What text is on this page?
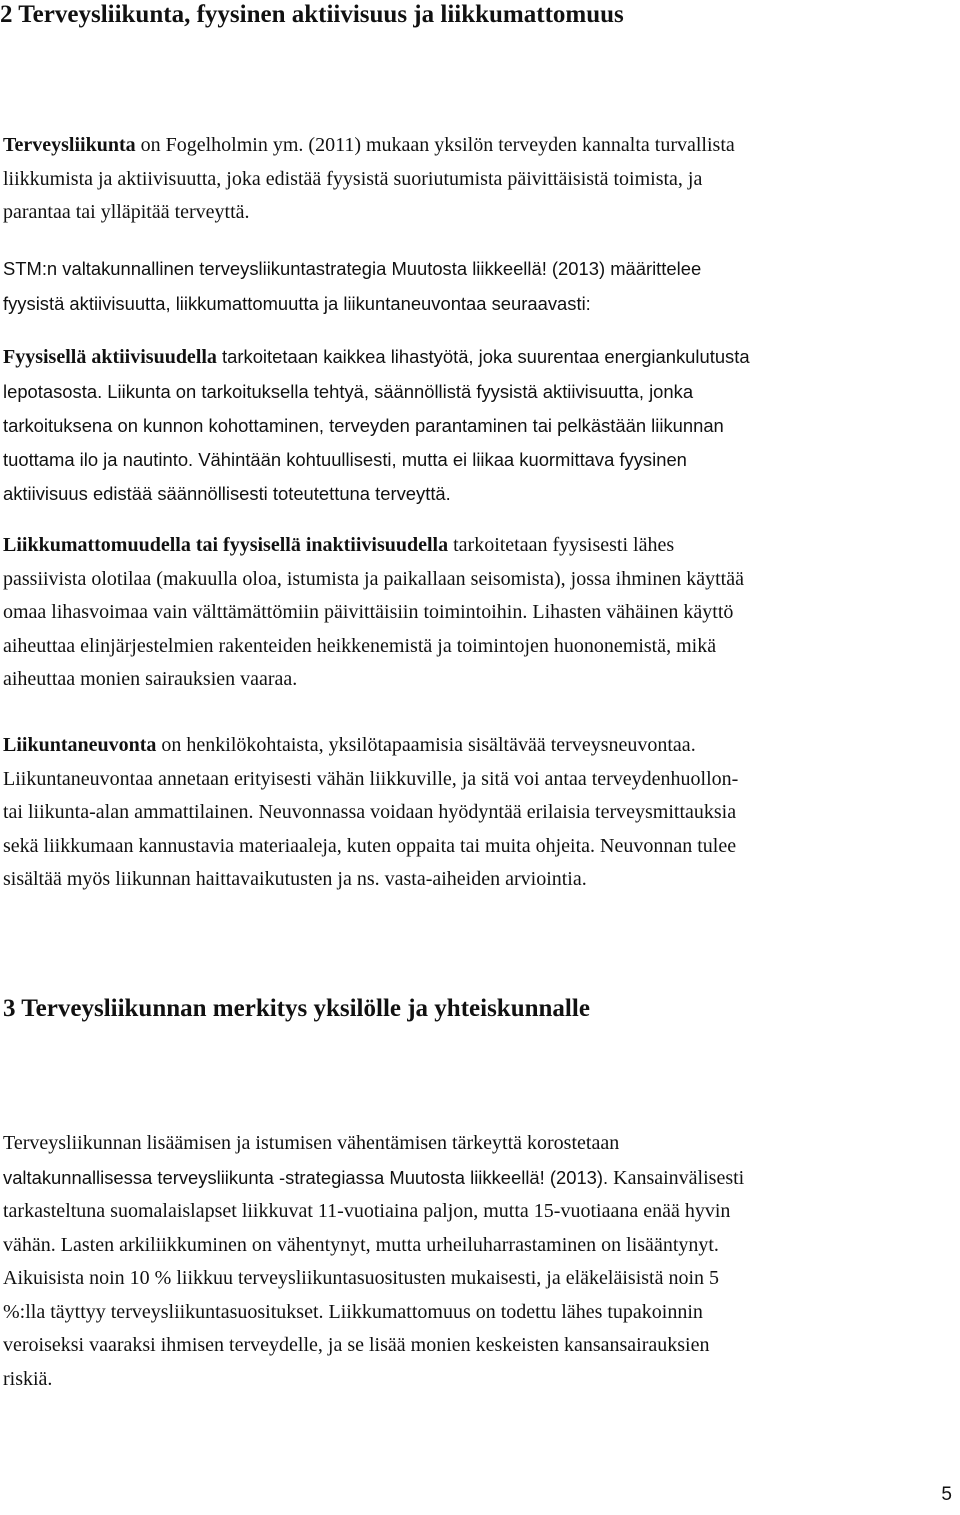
2 Terveysliikunta, fyysinen aktiivisuus ja liikkumattomuus
Terveysliikunta on Fogelholmin ym. (2011) mukaan yksilön terveyden kannalta turvallista
liikkumista ja aktiivisuutta, joka edistää fyysistä suoriutumista päivittäisistä toimista, ja
parantaa tai ylläpitää terveyttä.
STM:n valtakunnallinen terveysliikuntastrategia Muutosta liikkeellä! (2013) määrittelee
fyysistä aktiivisuutta, liikkumattomuutta ja liikuntaneuvontaa seuraavasti:
Fyysisellä aktiivisuudella tarkoitetaan kaikkea lihastyötä, joka suurentaa energiankulutusta
lepotasosta. Liikunta on tarkoituksella tehtyä, säännöllistä fyysistä aktiivisuutta, jonka
tarkoituksena on kunnon kohottaminen, terveyden parantaminen tai pelkästään liikunnan
tuottama ilo ja nautinto. Vähintään kohtuullisesti, mutta ei liikaa kuormittava fyysinen
aktiivisuus edistää säännöllisesti toteutettuna terveyttä.
Liikkumattomuudella tai fyysisellä inaktiivisuudella tarkoitetaan fyysisesti lähes
passiivista olotilaa (makuulla oloa, istumista ja paikallaan seisomista), jossa ihminen käyttää
omaa lihasvoimaa vain välttämättömiin päivittäisiin toimintoihin. Lihasten vähäinen käyttö
aiheuttaa elinjärjestelmien rakenteiden heikkenemistä ja toimintojen huononemistä, mikä
aiheuttaa monien sairauksien vaaraa.
Liikuntaneuvonta on henkilökohtaista, yksilötapaamisia sisältävää terveysneuvontaa.
Liikuntaneuvontaa annetaan erityisesti vähän liikkuville, ja sitä voi antaa terveydenhuollon-
tai liikunta-alan ammattilainen. Neuvonnassa voidaan hyödyntää erilaisia terveysmittauksia
sekä liikkumaan kannustavia materiaaleja, kuten oppaita tai muita ohjeita. Neuvonnan tulee
sisältää myös liikunnan haittavaikutusten ja ns. vasta-aiheiden arviointia.
3 Terveysliikunnan merkitys yksilölle ja yhteiskunnalle
Terveysliikunnan lisäämisen ja istumisen vähentämisen tärkeyttä korostetaan
valtakunnallisessa terveysliikunta -strategiassa Muutosta liikkeellä! (2013). Kansainvälisesti
tarkasteltuna suomalaislapset liikkuvat 11-vuotiaina paljon, mutta 15-vuotiaana enää hyvin
vähän. Lasten arkiliikkuminen on vähentynyt, mutta urheiluharrastaminen on lisääntynyt.
Aikuisista noin 10 % liikkuu terveysliikuntasuositusten mukaisesti, ja eläkeläisistä noin 5
%:lla täyttyy terveysliikuntasuositukset. Liikkumattomuus on todettu lähes tupakoinnin
veroiseksi vaaraksi ihmisen terveydelle, ja se lisää monien keskeisten kansansairauksien
riskiä.
5
